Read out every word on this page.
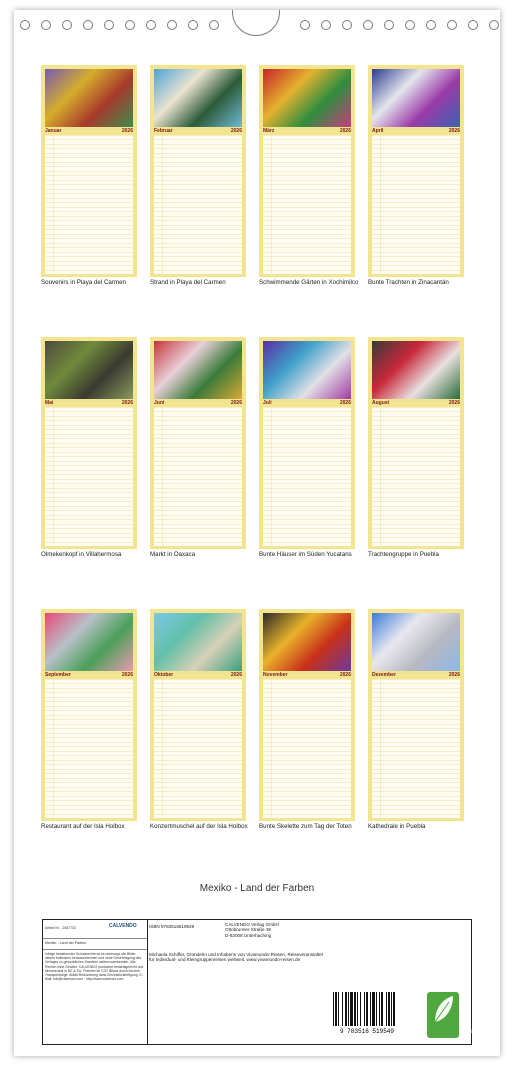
Januar	2026
Souvenirs in Playa del Carmen
Februar	2026
Strand in Playa del Carmen
März	2026
Schwimmende Gärten in Xochimilco
April	2026
Bunte Trachten in Zinacantán
Mai	2026
Olmekenkopf in Villahermosa
Juni	2026
Markt in Oaxaca
Juli	2026
Bunte Häuser im Süden Yucatans
August	2026
Trachtengruppe in Puebla
September	2026
Restaurant auf der Isla Holbox
Oktober	2026
Konzertmuschel auf der Isla Holbox
November	2026
Bunte Skelette zum Tag der Toten
Dezember	2026
Kathedrale in Puebla
Mexiko - Land der Farben
Artikel Nr. : 2087733	CALVENDO
Mexiko - Land der Farben
Infolge bestehender Schutzrechte ist es untersagt, die Bilder dieses Kalenders herauszutrennen und ohne Genehmigung des Verlages zu gewerblichen Zwecken weiterzuverwenden. Alle Rechte ohne Gewähr. CALVENDO produziert bedarfsgerecht und klimaneutral in DE & EU. Preisfrei im CO2 Bilanz durch kürzere Transportwege. Abfall-Reduzierung dank Einzelstückfertigung. E-Mail: info@calvendo.com · http://www.calvendo.com
ISBN 9783516519549	CALVENDO Verlag GmbH
Ottobrunner Straße 39
D-82008 Unterhaching
Michaela Schiffer, Gründerin und Inhaberin von Vivamundo-Reisen, Reiseveranstalter für Individual- und Kleingruppenreisen weltweit. www.vivamundo-reisen.de
9 783516 519549	eco
